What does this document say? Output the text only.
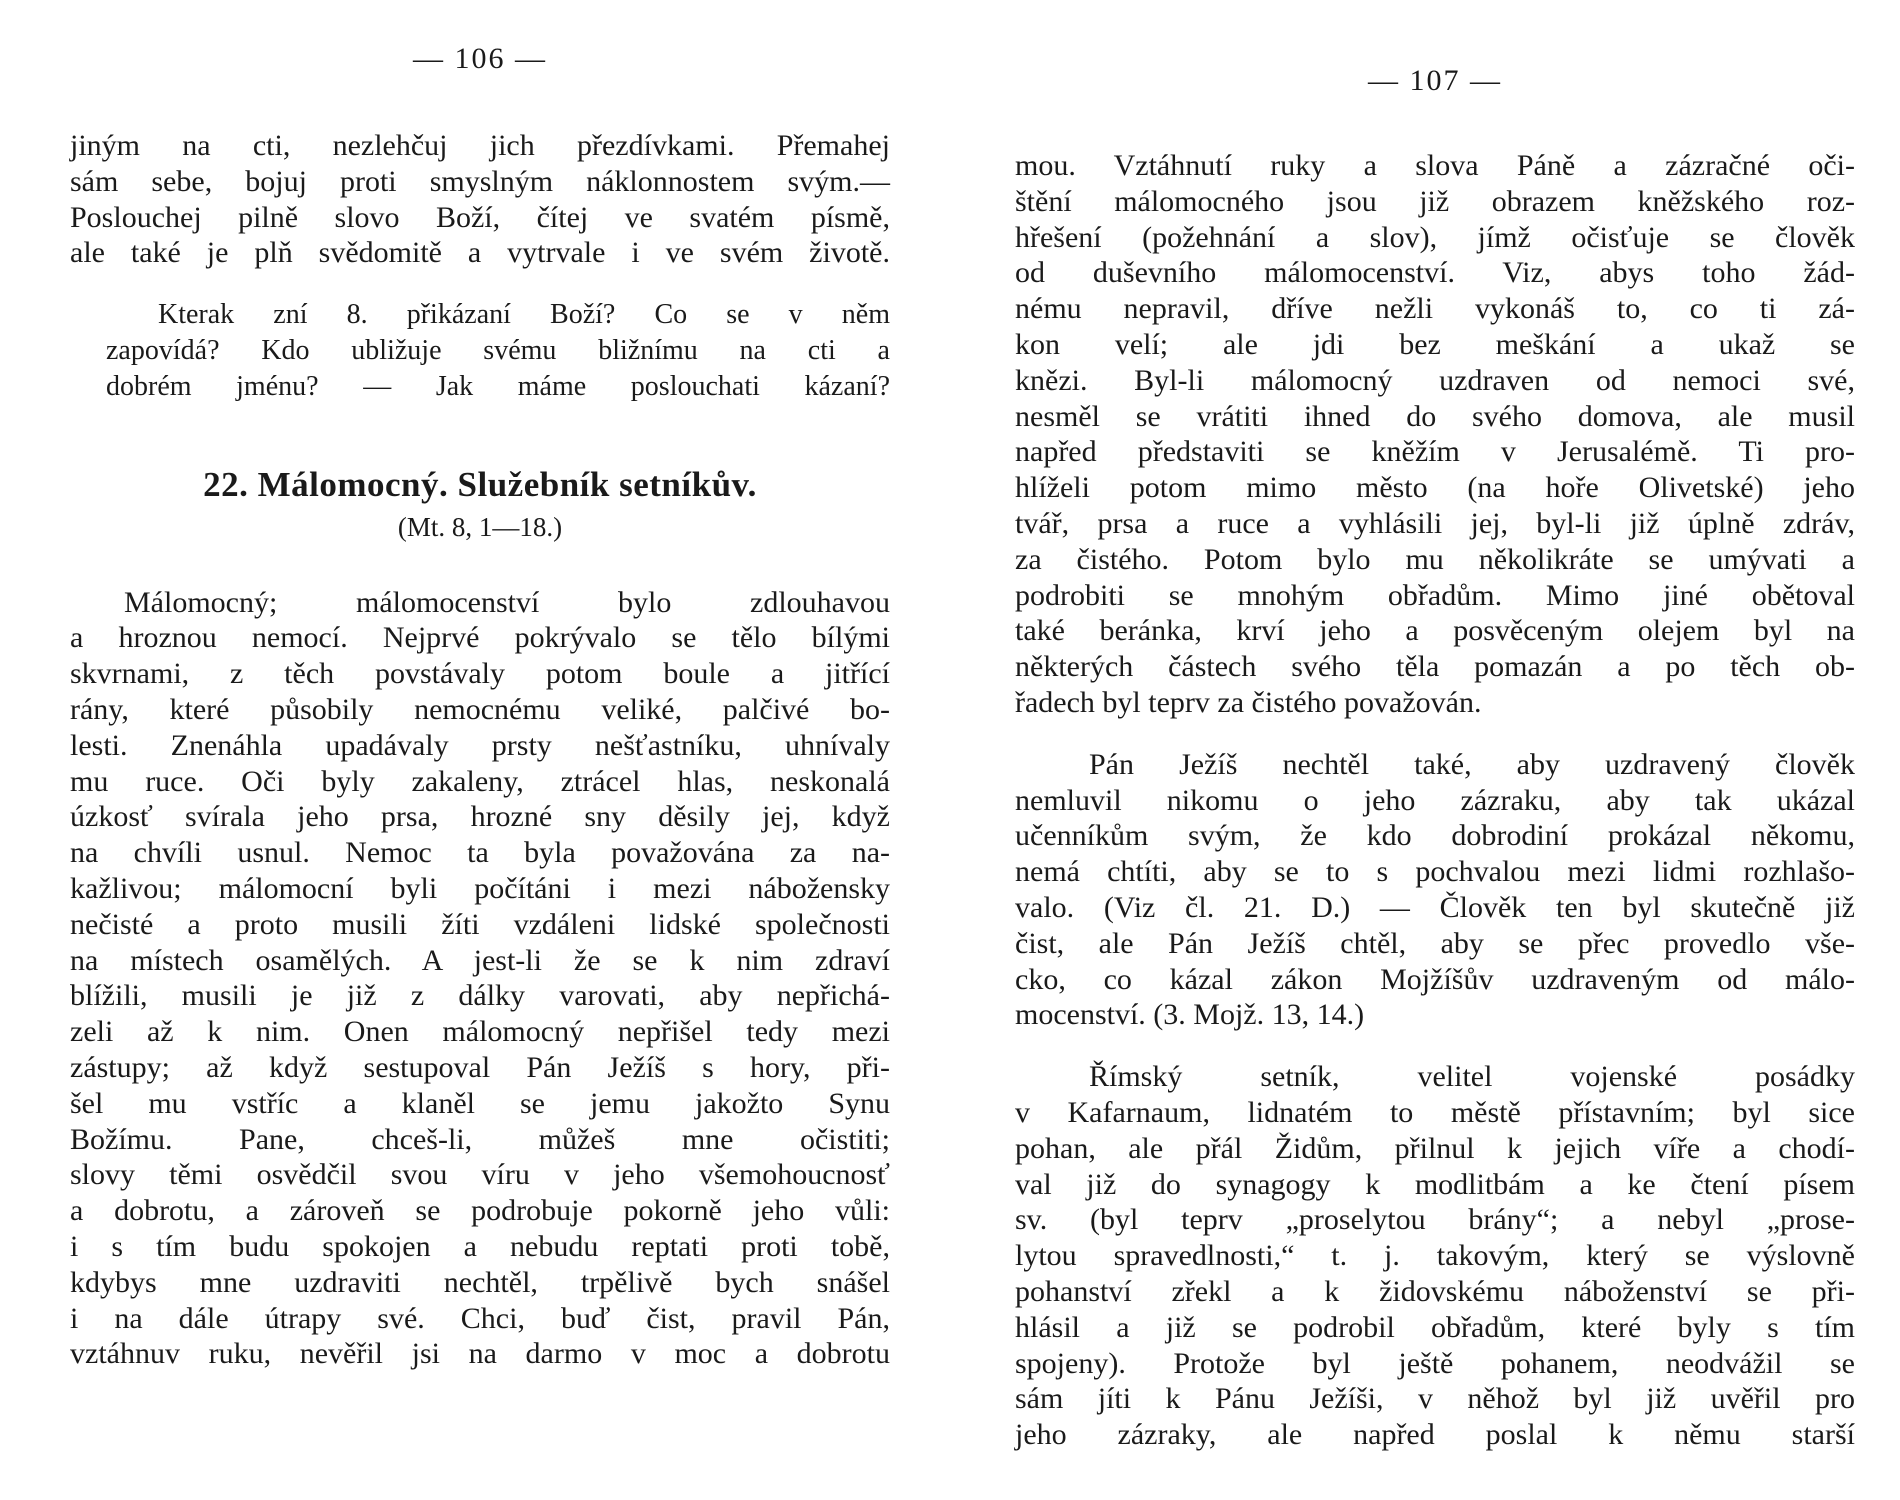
— 106 —

jiným na cti, nezlehčuj jich přezdívkami. Přemahej
sám sebe, bojuj proti smyslným náklonnostem svým.—
Poslouchej pilně slovo Boží, čítej ve svatém písmě,
ale také je plň svědomitě a vytrvale i ve svém životě.
Kterak zní 8. přikázaní Boží? Co se v něm
zapovídá? Kdo ubližuje svému bližnímu na cti a
dobrém jménu? — Jak máme poslouchati kázaní?
22. Málomocný. Služebník setníkův.
(Mt. 8, 1—18.)
Málomocný; málomocenství bylo zdlouhavou
a hroznou nemocí. Nejprvé pokrývalo se tělo bílými
skvrnami, z těch povstávaly potom boule a jitřící
rány, které působily nemocnému veliké, palčivé bo-
lesti. Znenáhla upadávaly prsty nešťastníku, uhnívaly
mu ruce. Oči byly zakaleny, ztrácel hlas, neskonalá
úzkosť svírala jeho prsa, hrozné sny děsily jej, když
na chvíli usnul. Nemoc ta byla považována za na-
kažlivou; málomocní byli počítáni i mezi nábožensky
nečisté a proto musili žíti vzdáleni lidské společnosti
na místech osamělých. A jest-li že se k nim zdraví
blížili, musili je již z dálky varovati, aby nepřichá-
zeli až k nim. Onen málomocný nepřišel tedy mezi
zástupy; až když sestupoval Pán Ježíš s hory, při-
šel mu vstříc a klaněl se jemu jakožto Synu
Božímu. Pane, chceš-li, můžeš mne očistiti;
slovy těmi osvědčil svou víru v jeho všemohoucnosť
a dobrotu, a zároveň se podrobuje pokorně jeho vůli:
i s tím budu spokojen a nebudu reptati proti tobě,
kdybys mne uzdraviti nechtěl, trpělivě bych snášel
i na dále útrapy své. Chci, buď čist, pravil Pán,
vztáhnuv ruku, nevěřil jsi na darmo v moc a dobrotu

— 107 —

mou. Vztáhnutí ruky a slova Páně a zázračné oči-
štění málomocného jsou již obrazem kněžského roz-
hřešení (požehnání a slov), jímž očisťuje se člověk
od duševního málomocenství. Viz, abys toho žád-
nému nepravil, dříve nežli vykonáš to, co ti zá-
kon velí; ale jdi bez meškání a ukaž se
knězi. Byl-li málomocný uzdraven od nemoci své,
nesměl se vrátiti ihned do svého domova, ale musil
napřed představiti se kněžím v Jerusalémě. Ti pro-
hlíželi potom mimo město (na hoře Olivetské) jeho
tvář, prsa a ruce a vyhlásili jej, byl-li již úplně zdráv,
za čistého. Potom bylo mu několikráte se umývati a
podrobiti se mnohým obřadům. Mimo jiné obětoval
také beránka, krví jeho a posvěceným olejem byl na
některých částech svého těla pomazán a po těch ob-
řadech byl teprv za čistého považován.
Pán Ježíš nechtěl také, aby uzdravený člověk
nemluvil nikomu o jeho zázraku, aby tak ukázal
učenníkům svým, že kdo dobrodiní prokázal někomu,
nemá chtíti, aby se to s pochvalou mezi lidmi rozhlašo-
valo. (Viz čl. 21. D.) — Člověk ten byl skutečně již
čist, ale Pán Ježíš chtěl, aby se přec provedlo vše-
cko, co kázal zákon Mojžíšův uzdraveným od málo-
mocenství. (3. Mojž. 13, 14.)
Římský setník, velitel vojenské posádky
v Kafarnaum, lidnatém to městě přístavním; byl sice
pohan, ale přál Židům, přilnul k jejich víře a chodí-
val již do synagogy k modlitbám a ke čtení písem
sv. (byl teprv „proselytou brány“; a nebyl „prose-
lytou spravedlnosti,“ t. j. takovým, který se výslovně
pohanství zřekl a k židovskému náboženství se při-
hlásil a již se podrobil obřadům, které byly s tím
spojeny). Protože byl ještě pohanem, neodvážil se
sám jíti k Pánu Ježíši, v něhož byl již uvěřil pro
jeho zázraky, ale napřed poslal k němu starší
